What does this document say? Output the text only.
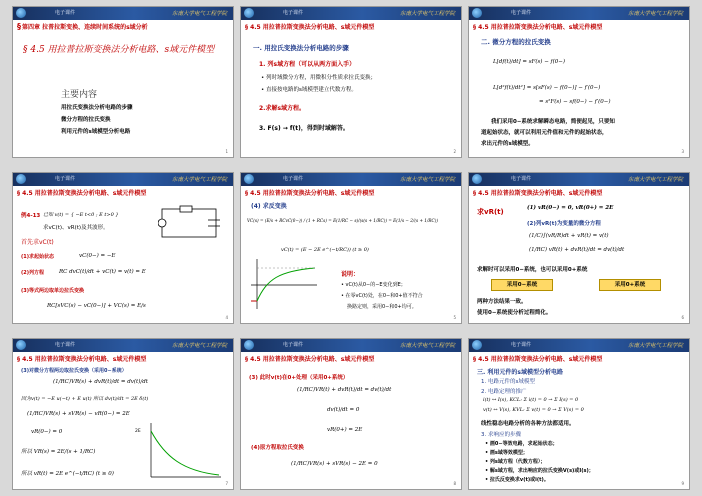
电子课件	东南大学电气工程学院
§第四章 拉普拉斯变换、连续时间系统的s域分析
§ 4.5 用拉普拉斯变换法分析电路、s域元件模型
主要内容
用拉氏变换法分析电路的步骤
微分方程的拉氏变换
利用元件的s域模型分析电路
1
电子课件	东南大学电气工程学院
§ 4.5 用拉普拉斯变换法分析电路、s域元件模型
一. 用拉氏变换法分析电路的步骤
1. 列s域方程（可以从两方面入手）
• 列时域微分方程，用微积分性质求拉氏变换；
• 直接按电路的s域模型建立代数方程。
2.求解s域方程。
3. F(s) → f(t)，得到时域解答。
2
电子课件	东南大学电气工程学院
§ 4.5 用拉普拉斯变换法分析电路、s域元件模型
二. 微分方程的拉氏变换
L[df(t)/dt] = sF(s) − f(0−)
L[d²f(t)/dt²] = s[sF(s) − f(0−)] − f′(0−)
= s²F(s) − sf(0−) − f′(0−)
我们采用0−系统求解瞬态电路，简便起见，只要知
道起始状态，就可以利用元件值和元件的起始状态，
求出元件的s域模型。
3
电子课件	东南大学电气工程学院
§ 4.5 用拉普拉斯变换法分析电路、s域元件模型
例4-13 已知 v(t) = { −E t<0 ; E t>0 }
求vC(t)、vR(t)及其波形。
首先求vC(t)
(1)求起始状态	vC(0−) = −E
(2)列方程	RC dvC(t)/dt + vC(t) = v(t) = E
(3)等式两边取单边拉氏变换
RC[sVC(s) − vC(0−)] + VC(s) = E/s
4
电子课件	东南大学电气工程学院
§ 4.5 用拉普拉斯变换法分析电路、s域元件模型
(4) 求反变换
VC(s) = (E/s + RCvC(0−)) / (1 + RCs) = E(1/RC − s)/(s(s + 1/RC)) = E(1/s − 2/(s + 1/RC))
vC(t) = (E − 2E e^(−t/RC)) (t ≥ 0)
说明：
• vC(t)从0−的−E变化到E；
• 在零vC(t)处，在0−和0+值不符合
换路定则，采用0−和0+均可。
5
电子课件	东南大学电气工程学院
§ 4.5 用拉普拉斯变换法分析电路、s域元件模型
求vR(t)	(1) vR(0−) = 0, vR(0+) = 2E
(2)列vR(t)为变量的微分方程
(1/C)∫(vR/R)dt + vR(t) = v(t)
(1/RC) vR(t) + dvR(t)/dt = dv(t)/dt
求解时可以采用0−系统，也可以采用0+系统
采用0−系统	采用0+系统
两种方法结果一致。
使用0−系统使分析过程简化。
6
电子课件	东南大学电气工程学院
§ 4.5 用拉普拉斯变换法分析电路、s域元件模型
(3)对微分方程两边取拉氏变换（采用0−系统）
(1/RC)VR(s) + dvR(t)/dt = dv(t)/dt
因为v(t) = −E u(−t) + E u(t) 所以 dv(t)/dt = 2E δ(t)
(1/RC)VR(s) + sVR(s) − vR(0−) = 2E
vR(0−) = 0
所以 VR(s) = 2E/(s + 1/RC)
所以 vR(t) = 2E e^(−t/RC) (t ≥ 0)
2E
7
电子课件	东南大学电气工程学院
§ 4.5 用拉普拉斯变换法分析电路、s域元件模型
(3) 此时v(t)在0+处理（采用0+系统）
(1/RC)VR(t) + dvR(t)/dt = dv(t)/dt
dv(t)/dt = 0
vR(0+) = 2E
(4)原方程取拉氏变换
(1/RC)VR(s) + sVR(s) − 2E = 0
8
电子课件	东南大学电气工程学院
§ 4.5 用拉普拉斯变换法分析电路、s域元件模型
三. 利用元件的s域模型分析电路
1. 电路元件的s域模型
2. 电路定理的推广
i(t) ↔ I(s), KCL: Σ i(t) = 0 → Σ I(s) = 0
v(t) ↔ V(s), KVL: Σ v(t) = 0 → Σ V(s) = 0
线性稳态电路分析的各种方法都适用。
3. 求响应的步骤
• 画0−等效电路，求起始状态；
• 画s域等效模型；
• 列s域方程（代数方程）；
• 解s域方程，求出响应的拉氏变换V(s)或I(s)；
• 拉氏反变换求v(t)或i(t)。
9
